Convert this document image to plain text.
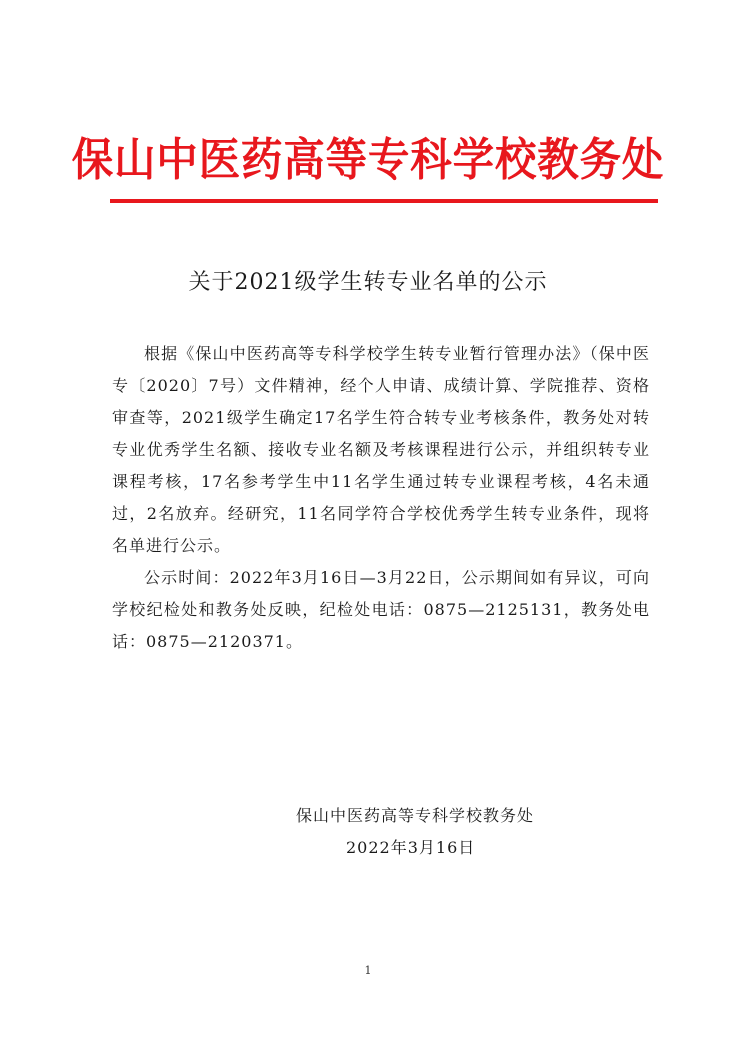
保山中医药高等专科学校教务处
关于2021级学生转专业名单的公示

根据《保山中医药高等专科学校学生转专业暂行管理办法》（保中医专〔2020〕7号）文件精神，经个人申请、成绩计算、学院推荐、资格审查等，2021级学生确定17名学生符合转专业考核条件，教务处对转专业优秀学生名额、接收专业名额及考核课程进行公示，并组织转专业课程考核，17名参考学生中11名学生通过转专业课程考核，4名未通过，2名放弃。经研究，11名同学符合学校优秀学生转专业条件，现将名单进行公示。

公示时间：2022年3月16日—3月22日，公示期间如有异议，可向学校纪检处和教务处反映，纪检处电话：0875—2125131，教务处电话：0875—2120371。

保山中医药高等专科学校教务处
2022年3月16日
1
